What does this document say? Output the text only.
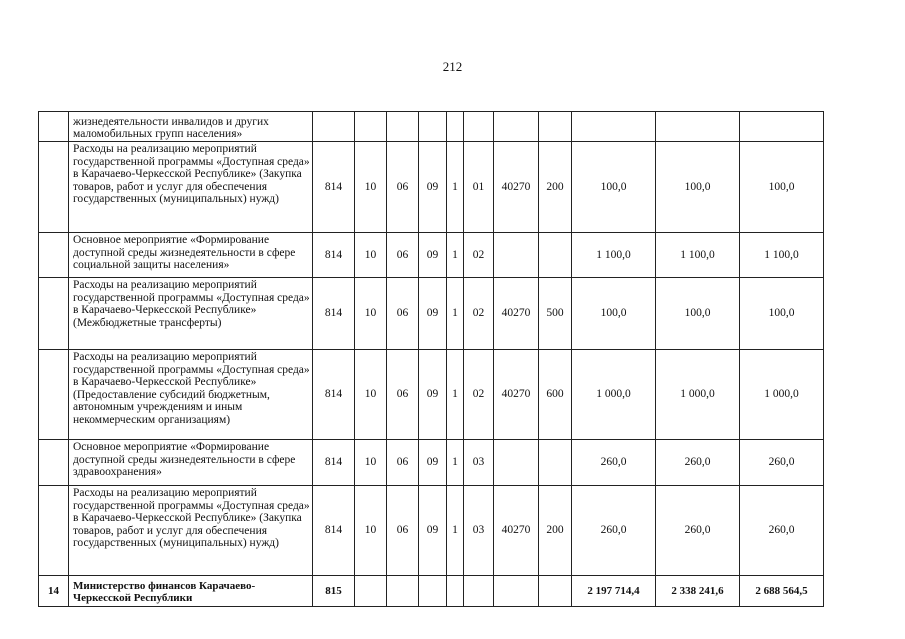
212
	жизнедеятельности инвалидов и других маломобильных групп населения»											
	Расходы на реализацию мероприятий государственной программы «Доступная среда» в Карачаево-Черкесской Республике» (Закупка товаров, работ и услуг для обеспечения государственных (муниципальных) нужд)	814	10	06	09	1	01	40270	200	100,0	100,0	100,0
	Основное мероприятие «Формирование доступной среды жизнедеятельности в сфере социальной защиты населения»	814	10	06	09	1	02			1 100,0	1 100,0	1 100,0
	Расходы на реализацию мероприятий государственной программы «Доступная среда» в Карачаево-Черкесской Республике» (Межбюджетные трансферты)	814	10	06	09	1	02	40270	500	100,0	100,0	100,0
	Расходы на реализацию мероприятий государственной программы «Доступная среда» в Карачаево-Черкесской Республике» (Предоставление субсидий бюджетным, автономным учреждениям и иным некоммерческим организациям)	814	10	06	09	1	02	40270	600	1 000,0	1 000,0	1 000,0
	Основное мероприятие «Формирование доступной среды жизнедеятельности в сфере здравоохранения»	814	10	06	09	1	03			260,0	260,0	260,0
	Расходы на реализацию мероприятий государственной программы «Доступная среда» в Карачаево-Черкесской Республике» (Закупка товаров, работ и услуг для обеспечения государственных (муниципальных) нужд)	814	10	06	09	1	03	40270	200	260,0	260,0	260,0
14	Министерство финансов Карачаево-Черкесской Республики	815								2 197 714,4	2 338 241,6	2 688 564,5
